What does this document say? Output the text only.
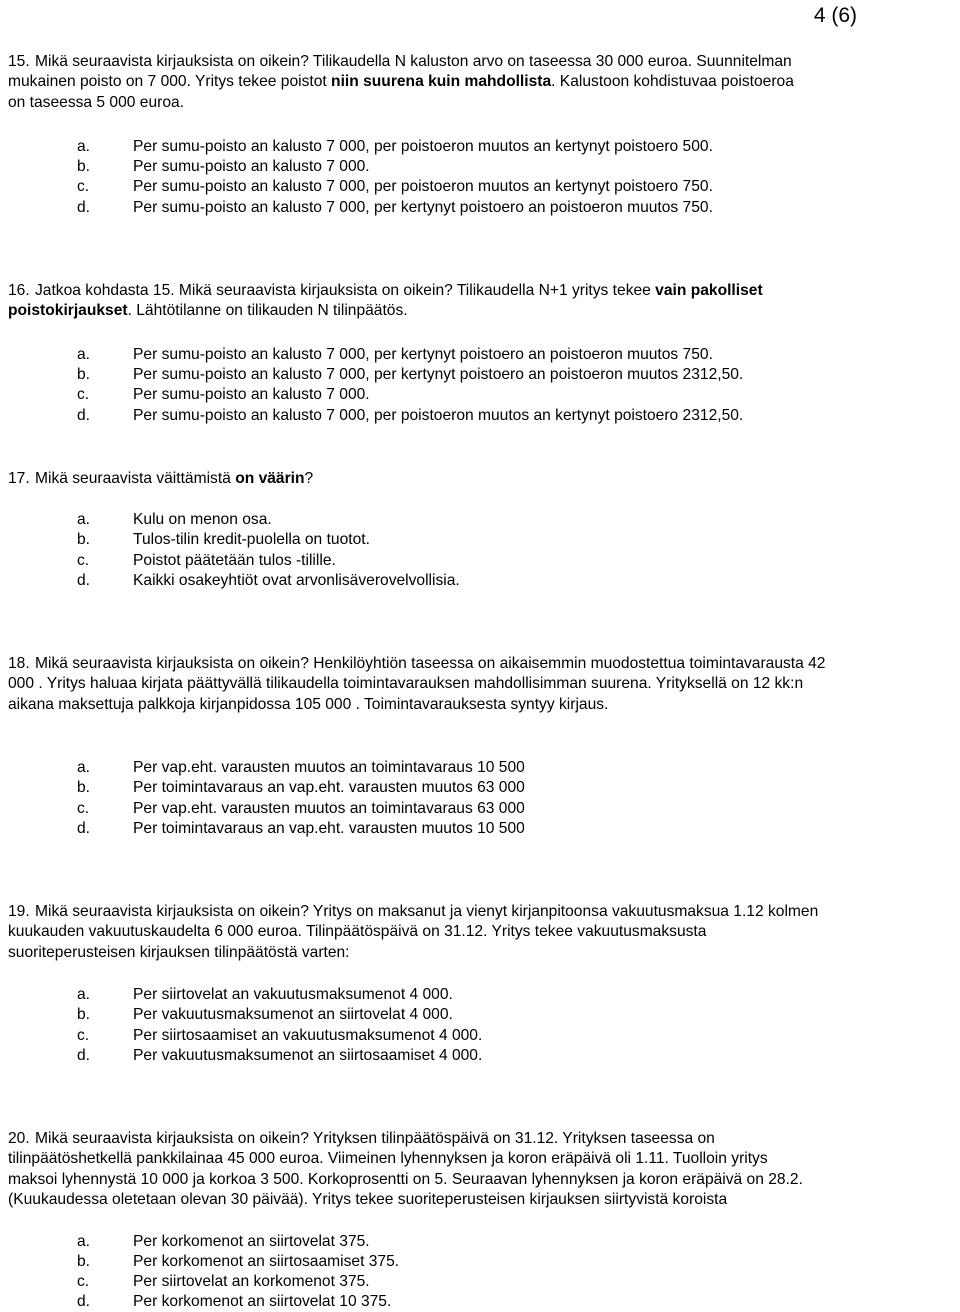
4 (6)
15. Mikä seuraavista kirjauksista on oikein? Tilikaudella N kaluston arvo on taseessa 30 000 euroa. Suunnitelman
mukainen poisto on 7 000. Yritys tekee poistot niin suurena kuin mahdollista. Kalustoon kohdistuvaa poistoeroa
on taseessa 5 000 euroa.
a.	Per sumu-poisto an kalusto 7 000, per poistoeron muutos an kertynyt poistoero 500.
b.	Per sumu-poisto an kalusto 7 000.
c.	Per sumu-poisto an kalusto 7 000, per poistoeron muutos an kertynyt poistoero 750.
d.	Per sumu-poisto an kalusto 7 000, per kertynyt poistoero an poistoeron muutos 750.
16. Jatkoa kohdasta 15. Mikä seuraavista kirjauksista on oikein? Tilikaudella N+1 yritys tekee vain pakolliset
poistokirjaukset. Lähtötilanne on tilikauden N tilinpäätös.
a.	Per sumu-poisto an kalusto 7 000, per kertynyt poistoero an poistoeron muutos 750.
b.	Per sumu-poisto an kalusto 7 000, per kertynyt poistoero an poistoeron muutos 2312,50.
c.	Per sumu-poisto an kalusto 7 000.
d.	Per sumu-poisto an kalusto 7 000, per poistoeron muutos an kertynyt poistoero 2312,50.
17. Mikä seuraavista väittämistä on väärin?
a.	Kulu on menon osa.
b.	Tulos-tilin kredit-puolella on tuotot.
c.	Poistot päätetään tulos -tilille.
d.	Kaikki osakeyhtiöt ovat arvonlisäverovelvollisia.
18. Mikä seuraavista kirjauksista on oikein? Henkilöyhtiön taseessa on aikaisemmin muodostettua toimintavarausta 42
000 . Yritys haluaa kirjata päättyvällä tilikaudella toimintavarauksen mahdollisimman suurena. Yrityksellä on 12 kk:n
aikana maksettuja palkkoja kirjanpidossa 105 000 . Toimintavarauksesta syntyy kirjaus.
a.	Per vap.eht. varausten muutos an toimintavaraus 10 500
b.	Per toimintavaraus an vap.eht. varausten muutos 63 000
c.	Per vap.eht. varausten muutos an toimintavaraus 63 000
d.	Per toimintavaraus an vap.eht. varausten muutos 10 500
19. Mikä seuraavista kirjauksista on oikein? Yritys on maksanut ja vienyt kirjanpitoonsa vakuutusmaksua 1.12 kolmen
kuukauden vakuutuskaudelta 6 000 euroa. Tilinpäätöspäivä on 31.12. Yritys tekee vakuutusmaksusta
suoriteperusteisen kirjauksen tilinpäätöstä varten:
a.	Per siirtovelat an vakuutusmaksumenot 4 000.
b.	Per vakuutusmaksumenot an siirtovelat 4 000.
c.	Per siirtosaamiset an vakuutusmaksumenot 4 000.
d.	Per vakuutusmaksumenot an siirtosaamiset 4 000.
20. Mikä seuraavista kirjauksista on oikein? Yrityksen tilinpäätöspäivä on 31.12. Yrityksen taseessa on
tilinpäätöshetkellä pankkilainaa 45 000 euroa. Viimeinen lyhennyksen ja koron eräpäivä oli 1.11. Tuolloin yritys
maksoi lyhennystä 10 000 ja korkoa 3 500. Korkoprosentti on 5. Seuraavan lyhennyksen ja koron eräpäivä on 28.2.
(Kuukaudessa oletetaan olevan 30 päivää). Yritys tekee suoriteperusteisen kirjauksen siirtyvistä koroista
a.	Per korkomenot an siirtovelat 375.
b.	Per korkomenot an siirtosaamiset 375.
c.	Per siirtovelat an korkomenot 375.
d.	Per korkomenot an siirtovelat 10 375.
